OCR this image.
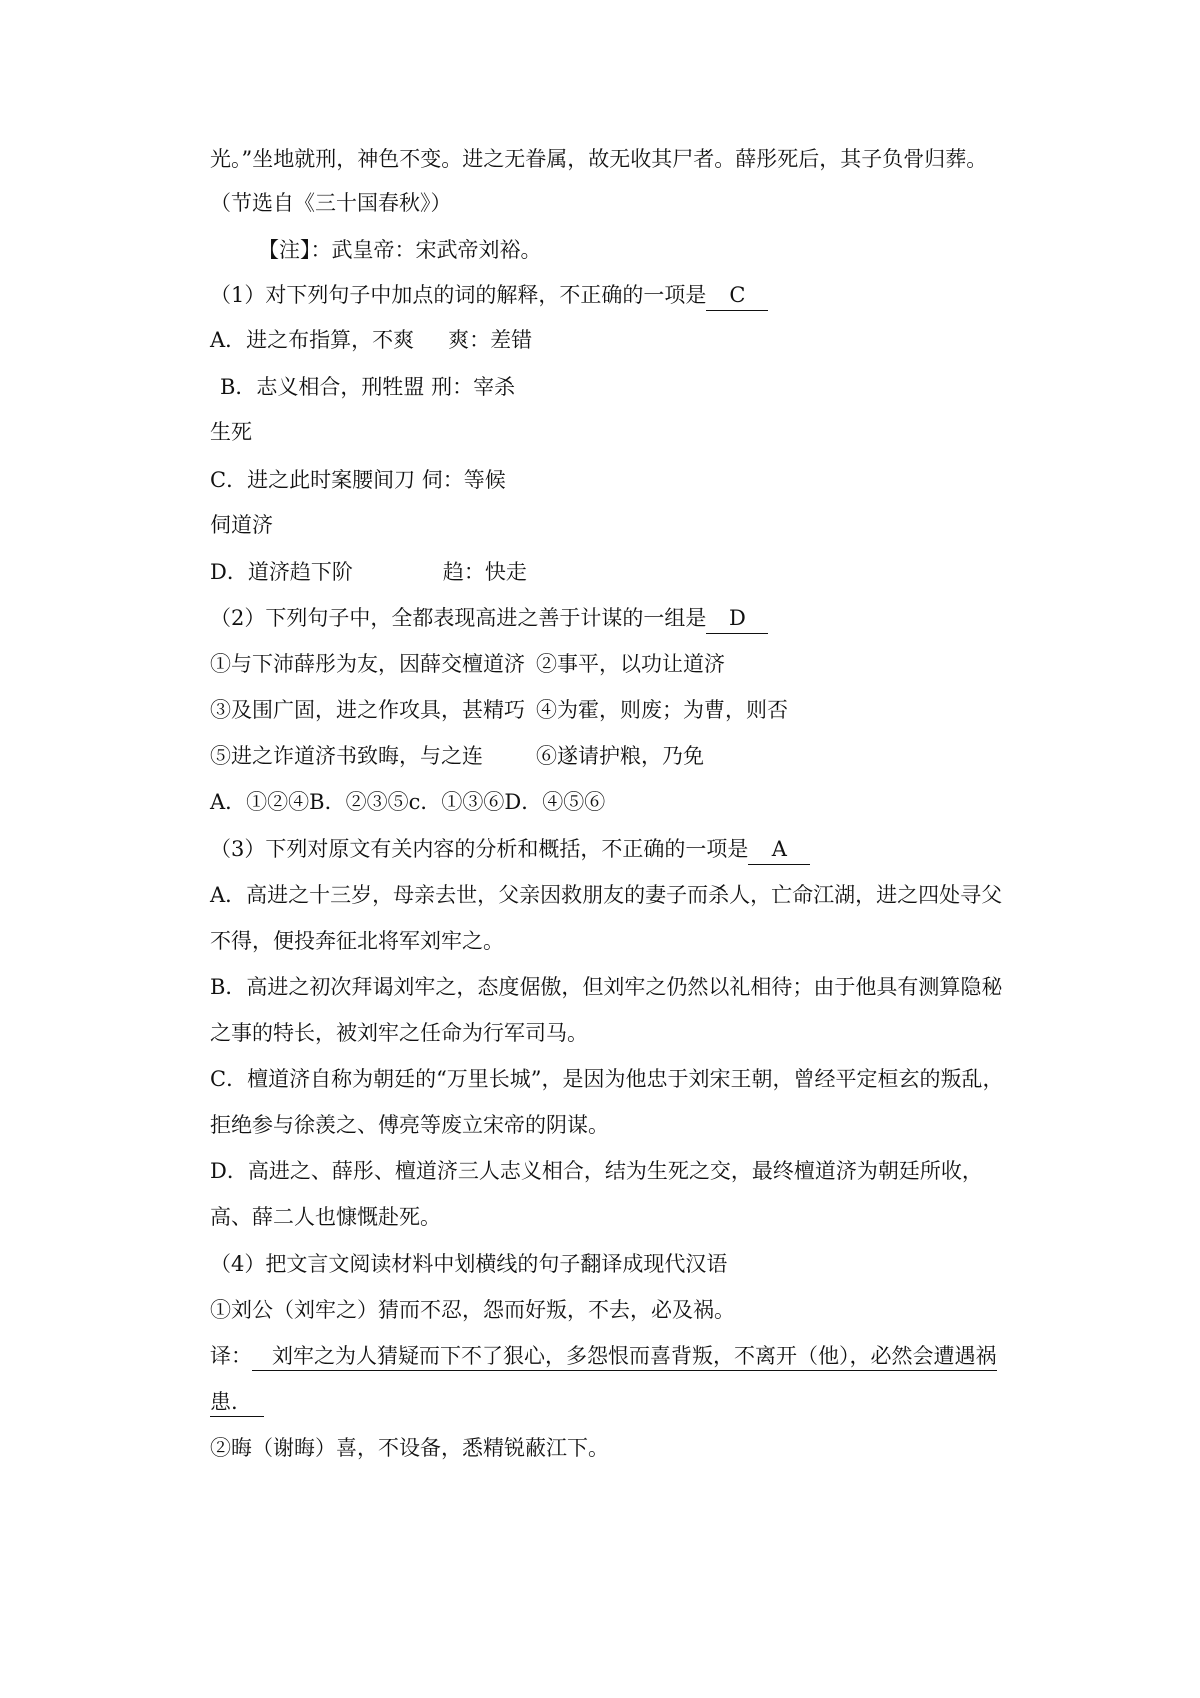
光。”坐地就刑，神色不变。进之无眷属，故无收其尸者。薛彤死后，其子负骨归葬。

（节选自《三十国春秋》）

【注】：武皇帝：宋武帝刘裕。

（1）对下列句子中加点的词的解释，不正确的一项是 C

A．进之布指算，不爽 爽：差错

B．志义相合，刑牲盟 刑：宰杀

生死

C．进之此时案腰间刀 伺：等候

伺道济

D．道济趋下阶	趋：快走

（2）下列句子中，全都表现高进之善于计谋的一组是 D

①与下沛薛彤为友，因薛交檀道济 ②事平，以功让道济

③及围广固，进之作攻具，甚精巧 ④为霍，则废；为曹，则否

⑤进之诈道济书致晦，与之连	⑥遂请护粮，乃免

A．①②④B．②③⑤c．①③⑥D．④⑤⑥

（3）下列对原文有关内容的分析和概括，不正确的一项是 A

A．高进之十三岁，母亲去世，父亲因救朋友的妻子而杀人，亡命江湖，进之四处寻父

不得，便投奔征北将军刘牢之。

B．高进之初次拜谒刘牢之，态度倨傲，但刘牢之仍然以礼相待；由于他具有测算隐秘

之事的特长，被刘牢之任命为行军司马。

C．檀道济自称为朝廷的“万里长城”，是因为他忠于刘宋王朝，曾经平定桓玄的叛乱，

拒绝参与徐羡之、傅亮等废立宋帝的阴谋。

D．高进之、薛彤、檀道济三人志义相合，结为生死之交，最终檀道济为朝廷所收，

高、薛二人也慷慨赴死。

（4）把文言文阅读材料中划横线的句子翻译成现代汉语

①刘公（刘牢之）猜而不忍，怨而好叛，不去，必及祸。

译： 刘牢之为人猜疑而下不了狠心，多怨恨而喜背叛，不离开（他），必然会遭遇祸

患.

②晦（谢晦）喜，不设备，悉精锐蔽江下。
